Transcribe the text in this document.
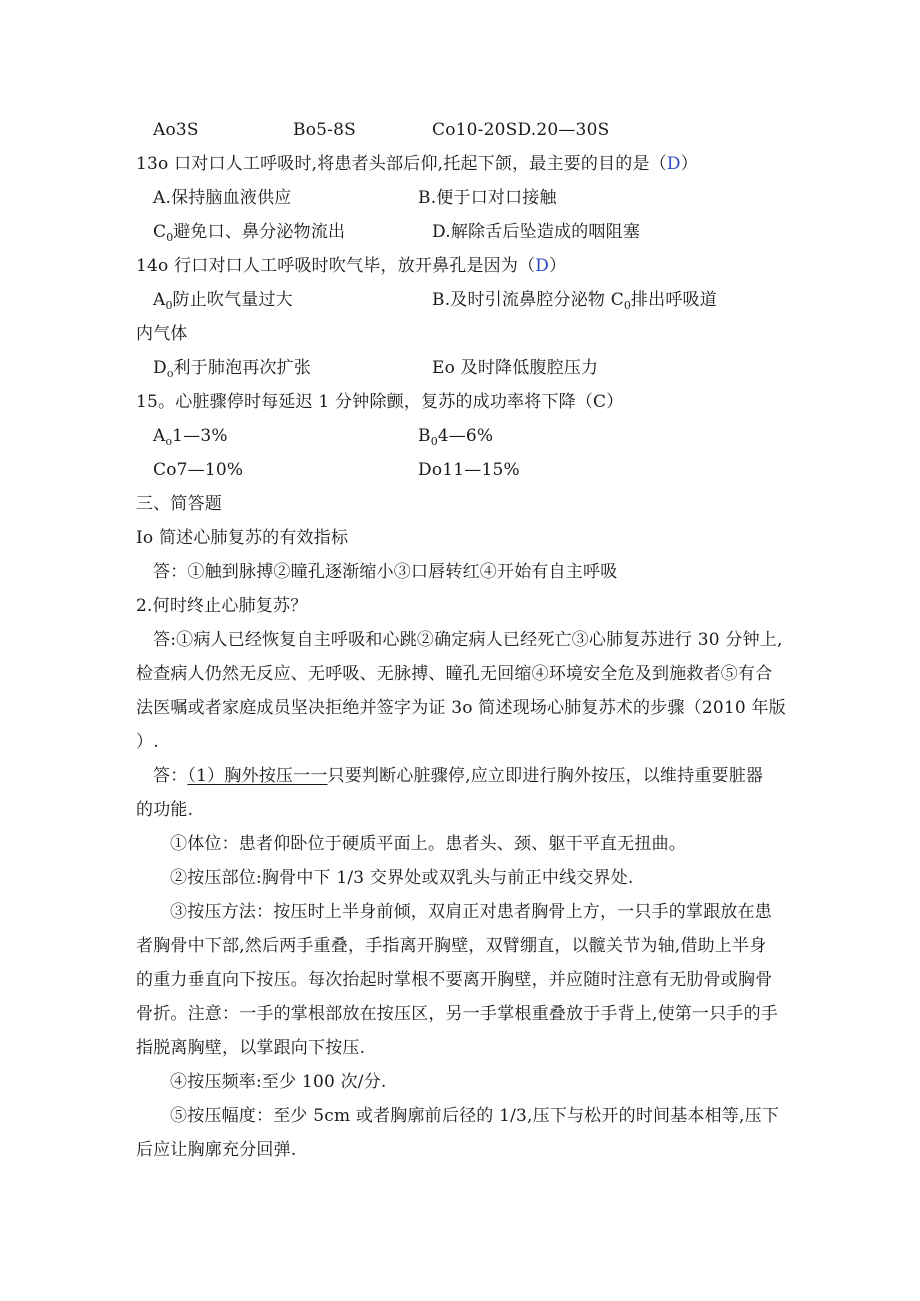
Ao3S	Bo5-8S	Co10-20SD.20—30S
13o 口对口人工呼吸时,将患者头部后仰,托起下颌，最主要的目的是（D）
A.保持脑血液供应	B.便于口对口接触
$C_0$避免口、鼻分泌物流出	D.解除舌后坠造成的咽阻塞
14o 行口对口人工呼吸时吹气毕，放开鼻孔是因为（D）
$A_0$防止吹气量过大	B.及时引流鼻腔分泌物 $C_0$排出呼吸道
内气体
$D_o$利于肺泡再次扩张	Eo 及时降低腹腔压力
15。心脏骤停时每延迟 1 分钟除颤，复苏的成功率将下降（C）
$A_o1—3\%$	$B_04—6\%$
Co7—10%	Do11—15%
三、简答题
Io 简述心肺复苏的有效指标
答：①触到脉搏②瞳孔逐渐缩小③口唇转红④开始有自主呼吸
2.何时终止心肺复苏？
答:①病人已经恢复自主呼吸和心跳②确定病人已经死亡③心肺复苏进行 30 分钟上,
检查病人仍然无反应、无呼吸、无脉搏、瞳孔无回缩④环境安全危及到施救者⑤有合
法医嘱或者家庭成员坚决拒绝并签字为证 3o 简述现场心肺复苏术的步骤（2010 年版
）.
答：（1）胸外按压一一只要判断心脏骤停,应立即进行胸外按压，以维持重要脏器
的功能.
①体位：患者仰卧位于硬质平面上。患者头、颈、躯干平直无扭曲。
②按压部位:胸骨中下 1/3 交界处或双乳头与前正中线交界处.
③按压方法：按压时上半身前倾，双肩正对患者胸骨上方，一只手的掌跟放在患
者胸骨中下部,然后两手重叠，手指离开胸壁，双臂绷直，以髋关节为轴,借助上半身
的重力垂直向下按压。每次抬起时掌根不要离开胸壁，并应随时注意有无肋骨或胸骨
骨折。注意：一手的掌根部放在按压区，另一手掌根重叠放于手背上,使第一只手的手
指脱离胸壁，以掌跟向下按压.
④按压频率:至少 100 次/分.
⑤按压幅度：至少 5cm 或者胸廓前后径的 1/3,压下与松开的时间基本相等,压下
后应让胸廓充分回弹.
